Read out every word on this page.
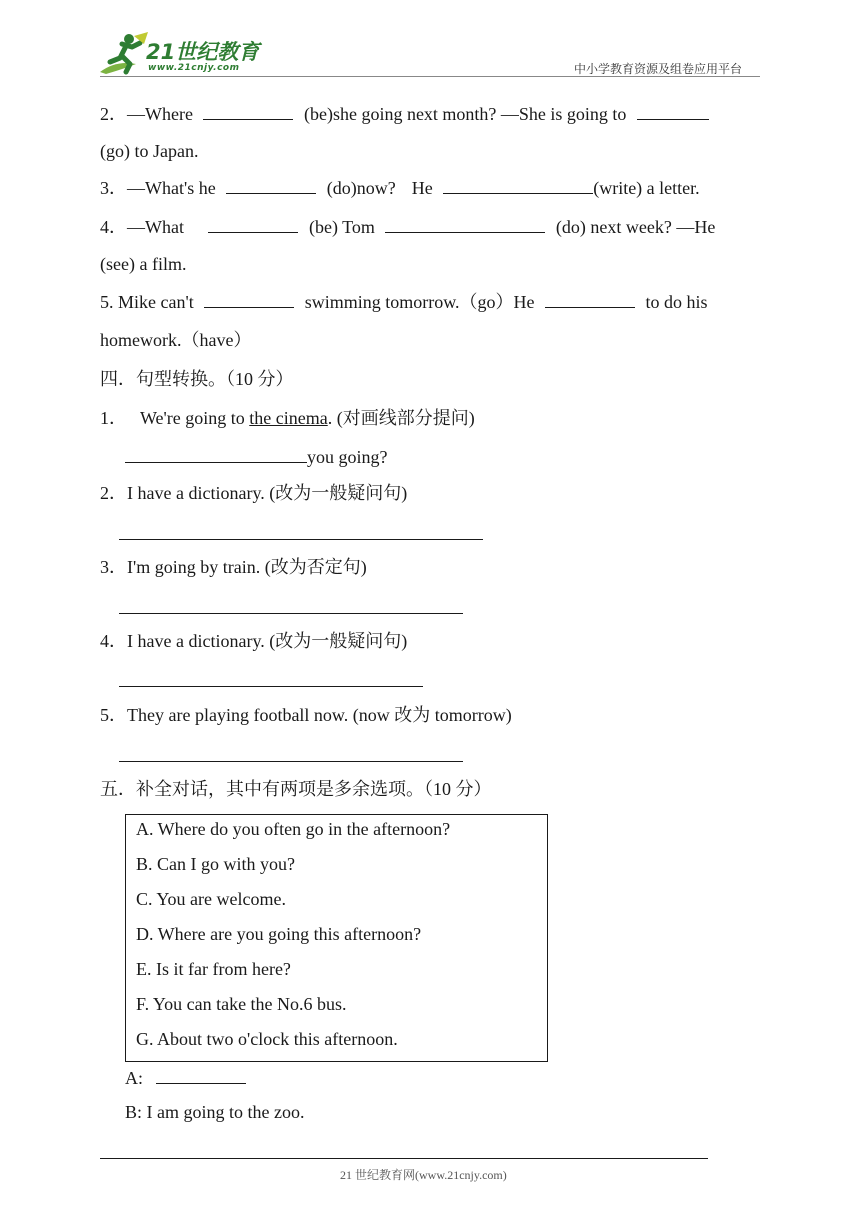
21世纪教育
www.21cnjy.com	中小学教育资源及组卷应用平台
2．—Where	(be)she going next month? —She is going to
(go) to Japan.
3．—What's he	(do)now? He	(write) a letter.
4．—What	(be) Tom	(do) next week? —He
(see) a film.
5. Mike can't	swimming tomorrow.（go）He	to do his
homework.（have）
四．句型转换。（10 分）
1． We're going to the cinema. (对画线部分提问)
you going?
2．I have a dictionary. (改为一般疑问句)
3．I'm going by train. (改为否定句)
4．I have a dictionary. (改为一般疑问句)
5．They are playing football now. (now 改为 tomorrow)
五．补全对话，其中有两项是多余选项。（10 分）
A. Where do you often go in the afternoon?
B. Can I go with you?
C. You are welcome.
D. Where are you going this afternoon?
E. Is it far from here?
F. You can take the No.6 bus.
G. About two o'clock this afternoon.
A:
B: I am going to the zoo.
21 世纪教育网(www.21cnjy.com)
